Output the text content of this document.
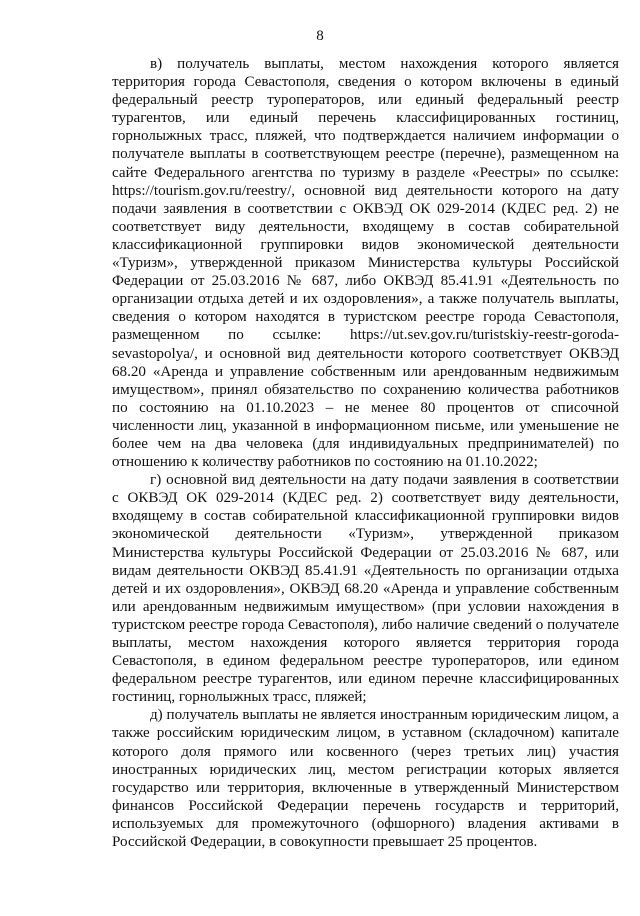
8

в) получатель выплаты, местом нахождения которого является территория города Севастополя, сведения о котором включены в единый федеральный реестр туроператоров, или единый федеральный реестр турагентов, или единый перечень классифицированных гостиниц, горнолыжных трасс, пляжей, что подтверждается наличием информации о получателе выплаты в соответствующем реестре (перечне), размещенном на сайте Федерального агентства по туризму в разделе «Реестры» по ссылке: https://tourism.gov.ru/reestry/, основной вид деятельности которого на дату подачи заявления в соответствии с ОКВЭД ОК 029-2014 (КДЕС ред. 2) не соответствует виду деятельности, входящему в состав собирательной классификационной группировки видов экономической деятельности «Туризм», утвержденной приказом Министерства культуры Российской Федерации от 25.03.2016 № 687, либо ОКВЭД 85.41.91 «Деятельность по организации отдыха детей и их оздоровления», а также получатель выплаты, сведения о котором находятся в туристском реестре города Севастополя, размещенном по ссылке: https://ut.sev.gov.ru/turistskiy-reestr-goroda-sevastopolya/, и основной вид деятельности которого соответствует ОКВЭД 68.20 «Аренда и управление собственным или арендованным недвижимым имуществом», принял обязательство по сохранению количества работников по состоянию на 01.10.2023 – не менее 80 процентов от списочной численности лиц, указанной в информационном письме, или уменьшение не более чем на два человека (для индивидуальных предпринимателей) по отношению к количеству работников по состоянию на 01.10.2022;

г) основной вид деятельности на дату подачи заявления в соответствии с ОКВЭД ОК 029-2014 (КДЕС ред. 2) соответствует виду деятельности, входящему в состав собирательной классификационной группировки видов экономической деятельности «Туризм», утвержденной приказом Министерства культуры Российской Федерации от 25.03.2016 № 687, или видам деятельности ОКВЭД 85.41.91 «Деятельность по организации отдыха детей и их оздоровления», ОКВЭД 68.20 «Аренда и управление собственным или арендованным недвижимым имуществом» (при условии нахождения в туристском реестре города Севастополя), либо наличие сведений о получателе выплаты, местом нахождения которого является территория города Севастополя, в едином федеральном реестре туроператоров, или едином федеральном реестре турагентов, или едином перечне классифицированных гостиниц, горнолыжных трасс, пляжей;

д) получатель выплаты не является иностранным юридическим лицом, а также российским юридическим лицом, в уставном (складочном) капитале которого доля прямого или косвенного (через третьих лиц) участия иностранных юридических лиц, местом регистрации которых является государство или территория, включенные в утвержденный Министерством финансов Российской Федерации перечень государств и территорий, используемых для промежуточного (офшорного) владения активами в Российской Федерации, в совокупности превышает 25 процентов.
